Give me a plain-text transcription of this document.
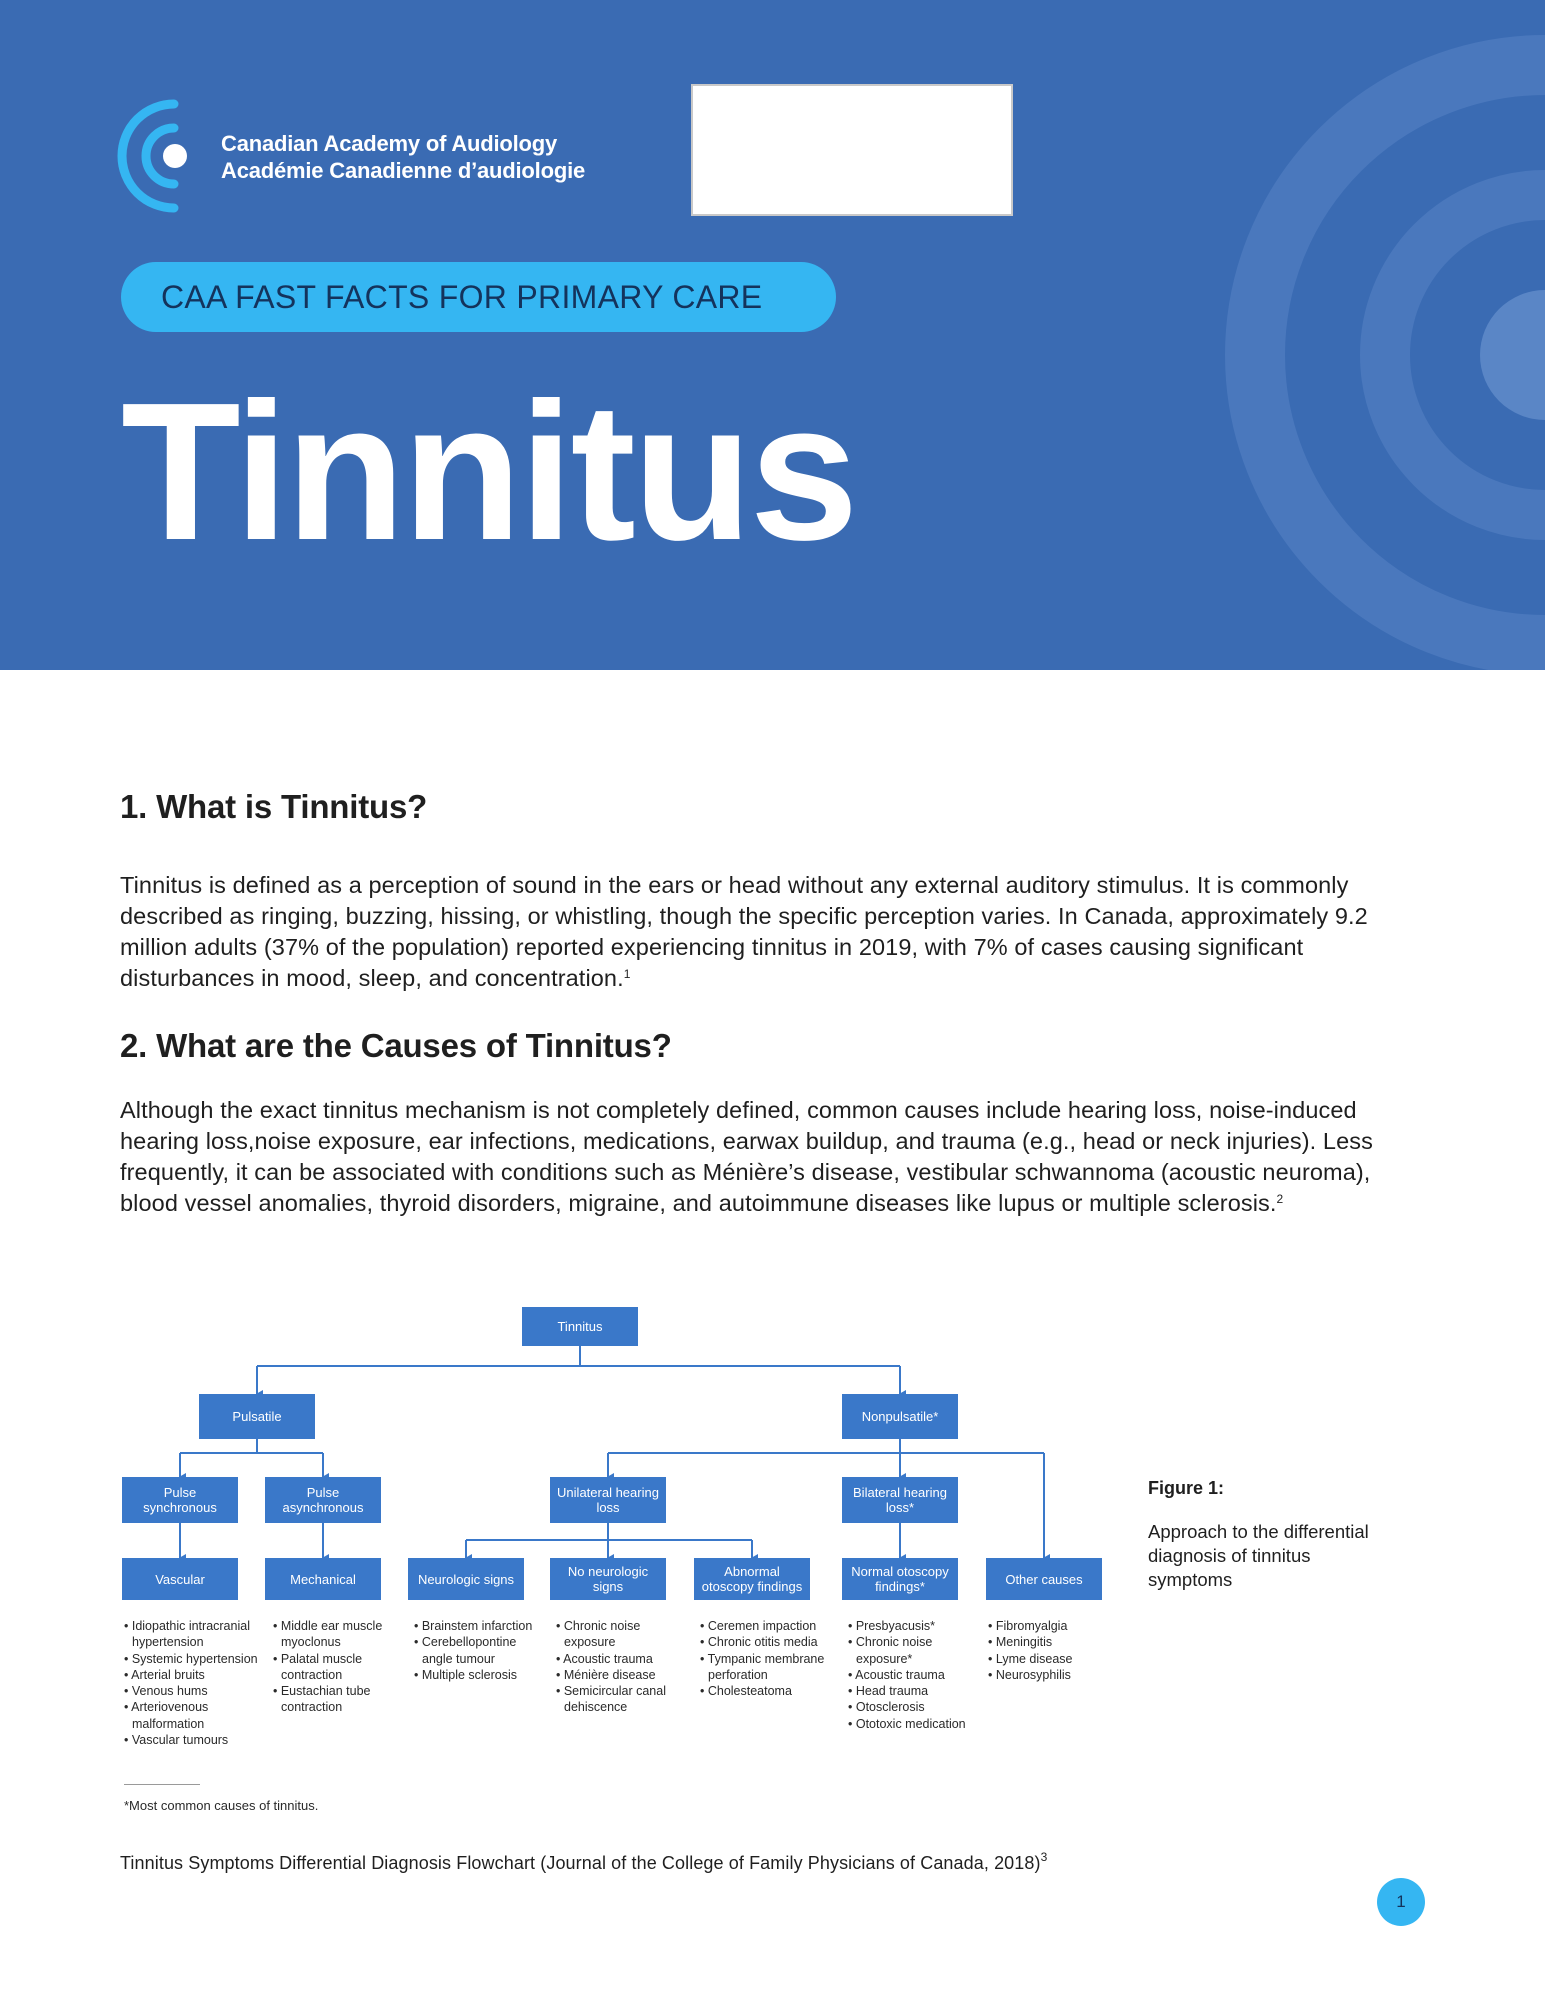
Canadian Academy of Audiology
Académie Canadienne d’audiologie
CAA FAST FACTS FOR PRIMARY CARE
Tinnitus
1. What is Tinnitus?

Tinnitus is defined as a perception of sound in the ears or head without any external auditory stimulus. It is commonly described as ringing, buzzing, hissing, or whistling, though the specific perception varies. In Canada, approximately 9.2 million adults (37% of the population) reported experiencing tinnitus in 2019, with 7% of cases causing significant disturbances in mood, sleep, and concentration.$^1$

2. What are the Causes of Tinnitus?

Although the exact tinnitus mechanism is not completely defined, common causes include hearing loss, noise-induced hearing loss,noise exposure, ear infections, medications, earwax buildup, and trauma (e.g., head or neck injuries). Less frequently, it can be associated with conditions such as Ménière’s disease, vestibular schwannoma (acoustic neuroma), blood vessel anomalies, thyroid disorders, migraine, and autoimmune diseases like lupus or multiple sclerosis.$^2$

Tinnitus
Pulsatile	Nonpulsatile*
Pulse synchronous
Pulse asynchronous
Unilateral hearing loss
Bilateral hearing loss*
Vascular	Mechanical	Neurologic signs	No neurologic signs
Abnormal otoscopy findings
Normal otoscopy findings*	Other causes
• Idiopathic intracranial hypertension
• Systemic hypertension
• Arterial bruits
• Venous hums
• Arteriovenous malformation
• Vascular tumours
• Middle ear muscle myoclonus
• Palatal muscle contraction
• Eustachian tube contraction
• Brainstem infarction
• Cerebellopontine angle tumour
• Multiple sclerosis
• Chronic noise exposure
• Acoustic trauma
• Ménière disease
• Semicircular canal dehiscence
• Ceremen impaction
• Chronic otitis media
• Tympanic membrane perforation
• Cholesteatoma
• Presbyacusis*
• Chronic noise exposure*
• Acoustic trauma
• Head trauma
• Otosclerosis
• Ototoxic medication
• Fibromyalgia
• Meningitis
• Lyme disease
• Neurosyphilis
*Most common causes of tinnitus.
Figure 1:
Approach to the differential diagnosis of tinnitus symptoms
Tinnitus Symptoms Differential Diagnosis Flowchart (Journal of the College of Family Physicians of Canada, 2018)$^3$
1
